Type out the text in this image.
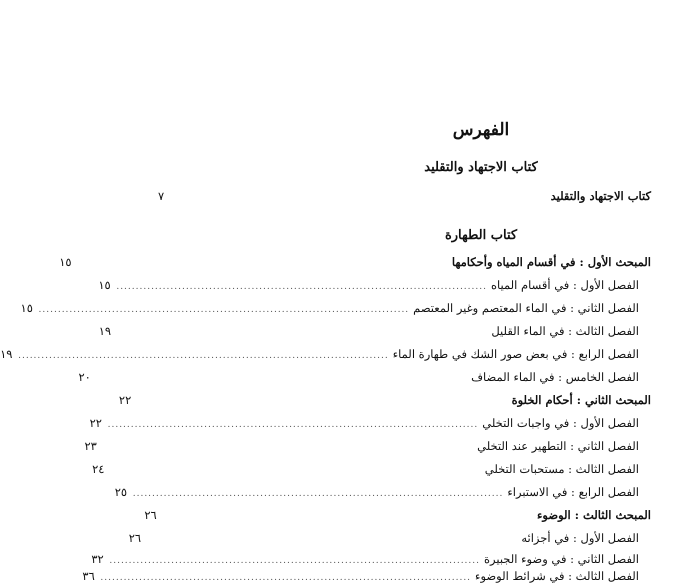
الفهرس
كتاب الاجتهاد والتقليد
كتاب الاجتهاد والتقليد
٧
كتاب الطهارة
المبحث الأول : في أقسام المياه وأحكامها
١٥
الفصل الأول : في أقسام المياه
................................................................................................
١٥
الفصل الثاني : في الماء المعتصم وغير المعتصم
................................................................................................
١٥
الفصل الثالث : في الماء القليل
١٩
الفصل الرابع : في بعض صور الشك في طهارة الماء
................................................................................................
١٩
الفصل الخامس : في الماء المضاف
٢٠
المبحث الثاني : أحكام الخلوة
٢٢
الفصل الأول : في واجبات التخلي
................................................................................................
٢٢
الفصل الثاني : التطهير عند التخلي
٢٣
الفصل الثالث : مستحبات التخلي
٢٤
الفصل الرابع : في الاستبراء
................................................................................................
٢٥
المبحث الثالث : الوضوء
٢٦
الفصل الأول : في أجزائه
٢٦
الفصل الثاني : في وضوء الجبيرة
................................................................................................
٣٢
الفصل الثالث : في شرائط الوضوء
................................................................................................
٣٦
